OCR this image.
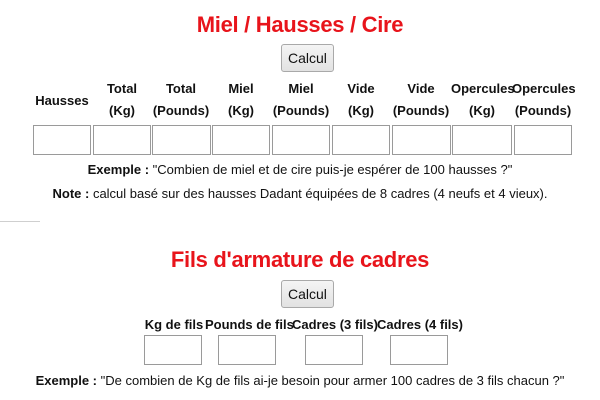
Miel / Hausses / Cire
Calcul
Hausses
Total
(Kg)
Total
(Pounds)
Miel
(Kg)
Miel
(Pounds)
Vide
(Kg)
Vide
(Pounds)
Opercules
(Kg)
Opercules
(Pounds)
Exemple : "Combien de miel et de cire puis-je espérer de 100 hausses ?"
Note : calcul basé sur des hausses Dadant équipées de 8 cadres (4 neufs et 4 vieux).
Fils d'armature de cadres
Calcul
Kg de fils Pounds de fils
Cadres (3 fils) Cadres (4 fils)
Exemple : "De combien de Kg de fils ai-je besoin pour armer 100 cadres de 3 fils chacun ?"
